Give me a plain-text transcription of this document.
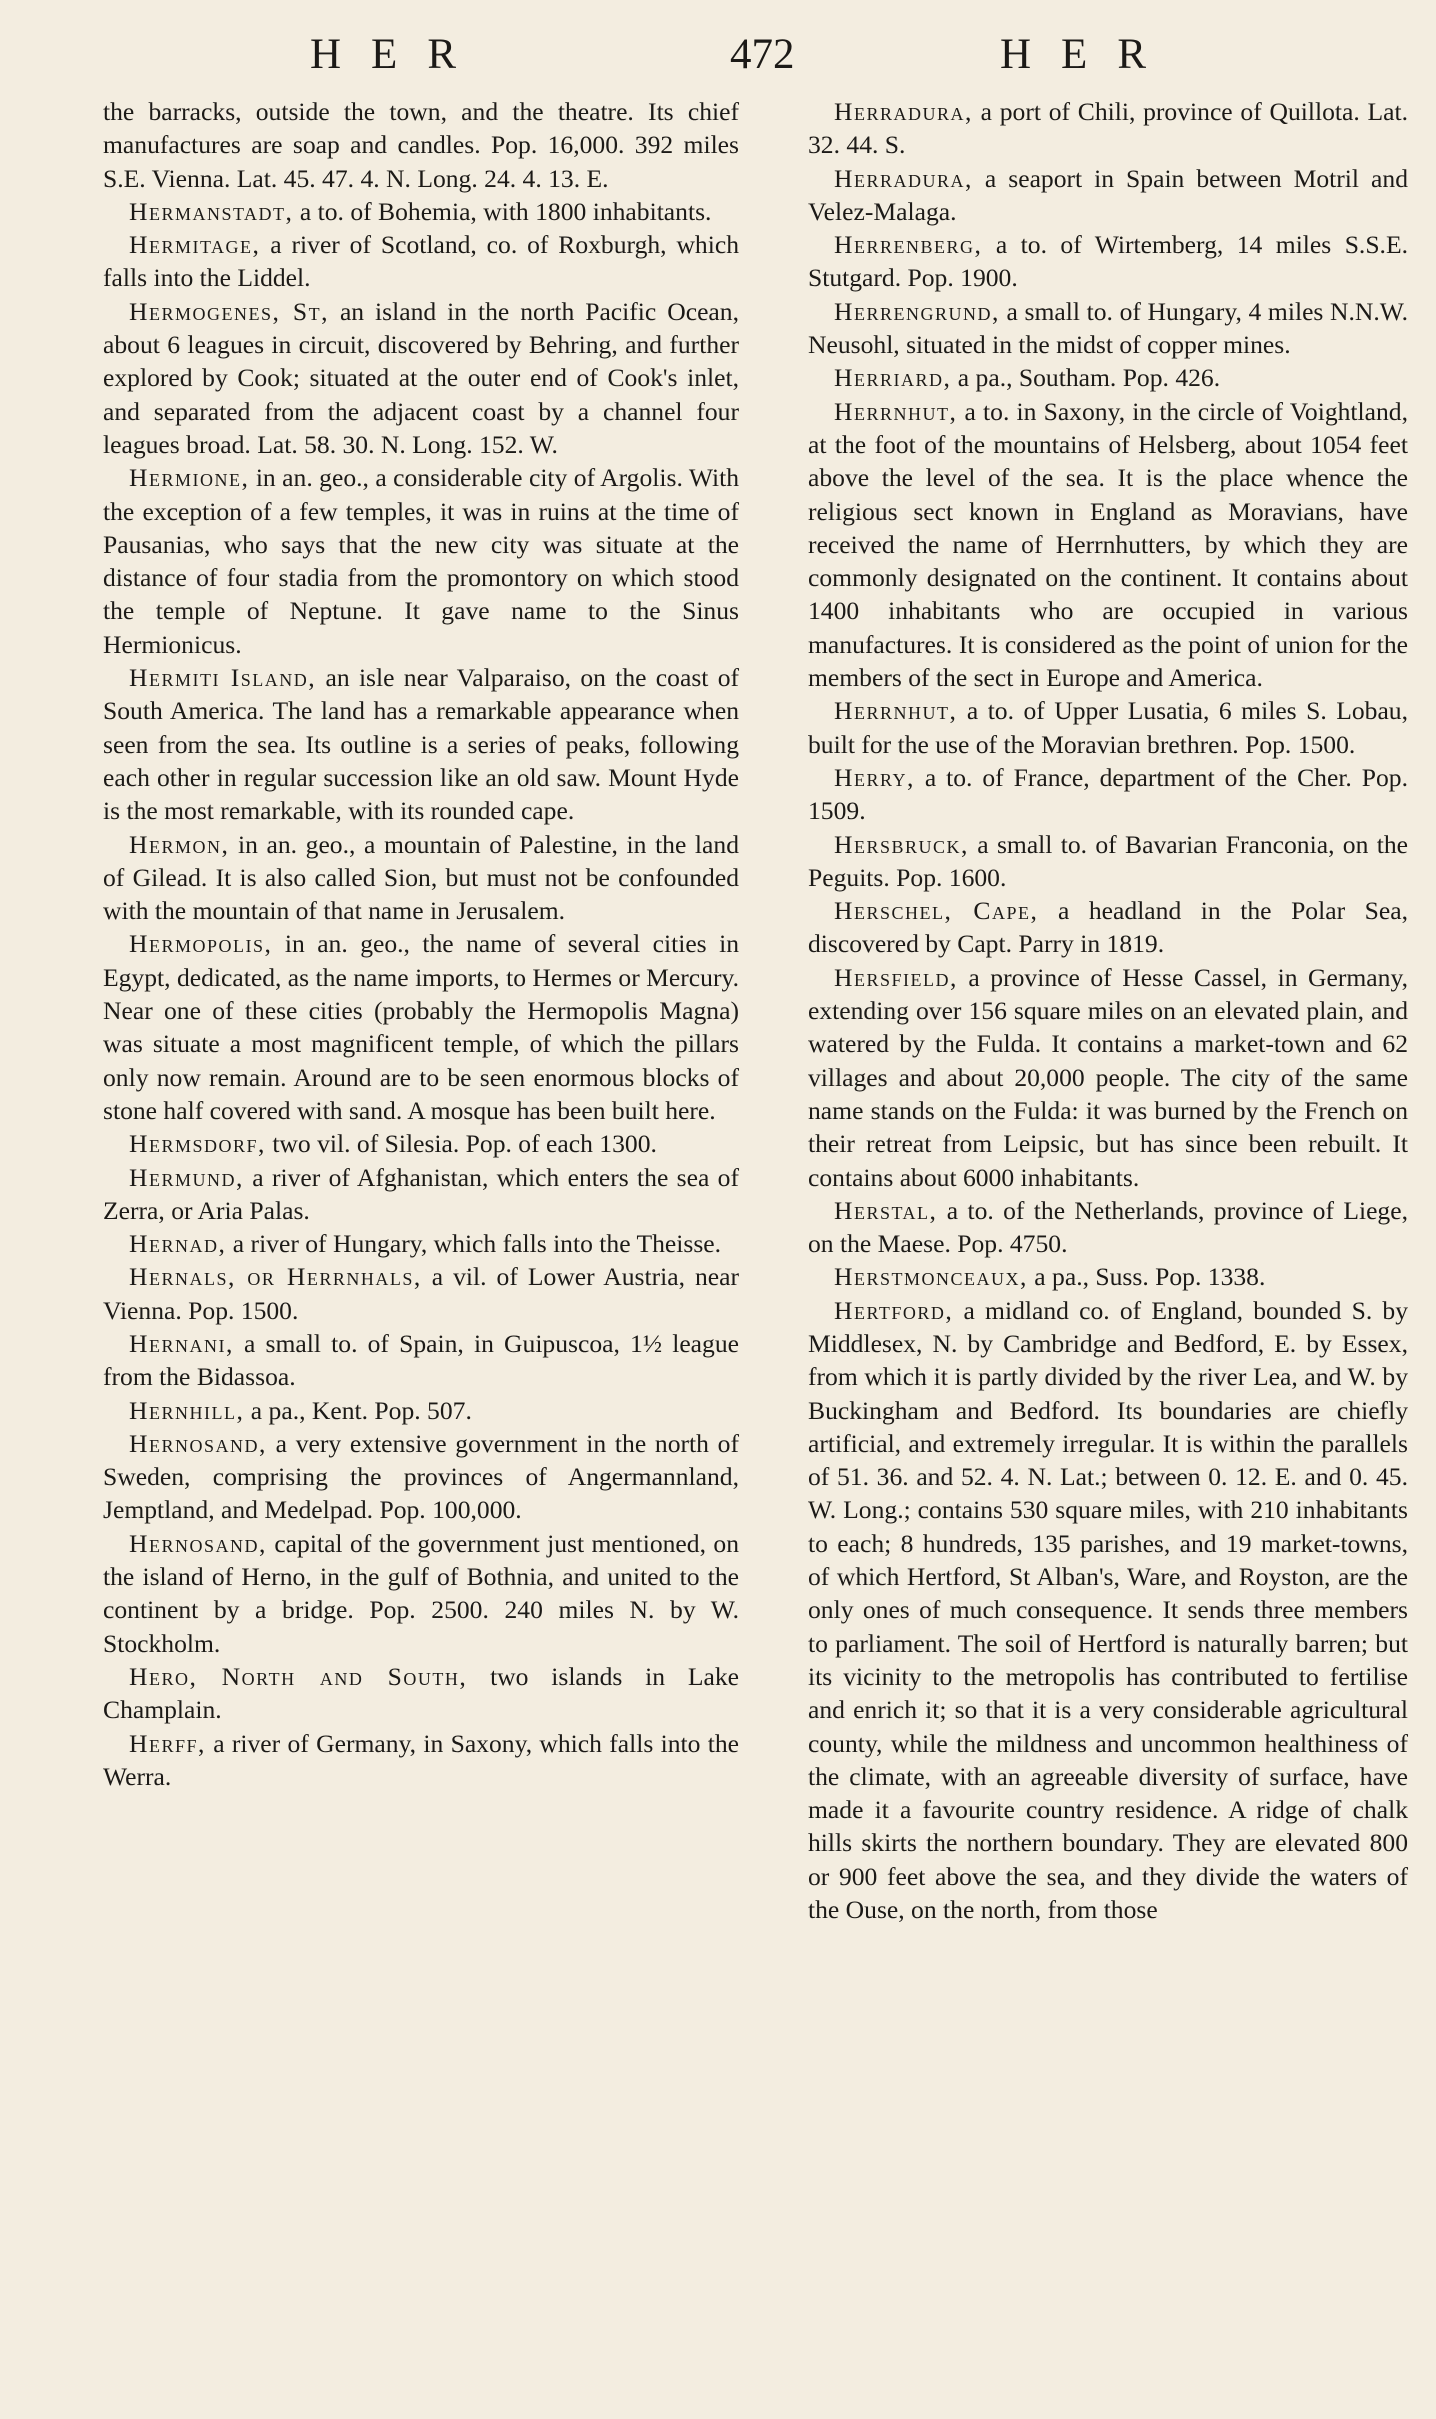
HER	472	HER

the barracks, outside the town, and the theatre. Its chief manufactures are soap and candles. Pop. 16,000. 392 miles S.E. Vienna. Lat. 45. 47. 4. N. Long. 24. 4. 13. E.

Hermanstadt, a to. of Bohemia, with 1800 inhabitants.

Hermitage, a river of Scotland, co. of Roxburgh, which falls into the Liddel.

Hermogenes, St, an island in the north Pacific Ocean, about 6 leagues in circuit, discovered by Behring, and further explored by Cook; situated at the outer end of Cook's inlet, and separated from the adjacent coast by a channel four leagues broad. Lat. 58. 30. N. Long. 152. W.

Hermione, in an. geo., a considerable city of Argolis. With the exception of a few temples, it was in ruins at the time of Pausanias, who says that the new city was situate at the distance of four stadia from the promontory on which stood the temple of Neptune. It gave name to the Sinus Hermionicus.

Hermiti Island, an isle near Valparaiso, on the coast of South America. The land has a remarkable appearance when seen from the sea. Its outline is a series of peaks, following each other in regular succession like an old saw. Mount Hyde is the most remarkable, with its rounded cape.

Hermon, in an. geo., a mountain of Palestine, in the land of Gilead. It is also called Sion, but must not be confounded with the mountain of that name in Jerusalem.

Hermopolis, in an. geo., the name of several cities in Egypt, dedicated, as the name imports, to Hermes or Mercury. Near one of these cities (probably the Hermopolis Magna) was situate a most magnificent temple, of which the pillars only now remain. Around are to be seen enormous blocks of stone half covered with sand. A mosque has been built here.

Hermsdorf, two vil. of Silesia. Pop. of each 1300.

Hermund, a river of Afghanistan, which enters the sea of Zerra, or Aria Palas.

Hernad, a river of Hungary, which falls into the Theisse.

Hernals, or Herrnhals, a vil. of Lower Austria, near Vienna. Pop. 1500.

Hernani, a small to. of Spain, in Guipuscoa, 1½ league from the Bidassoa.

Hernhill, a pa., Kent. Pop. 507.

Hernosand, a very extensive government in the north of Sweden, comprising the provinces of Angermannland, Jemptland, and Medelpad. Pop. 100,000.

Hernosand, capital of the government just mentioned, on the island of Herno, in the gulf of Bothnia, and united to the continent by a bridge. Pop. 2500. 240 miles N. by W. Stockholm.

Hero, North and South, two islands in Lake Champlain.

Herff, a river of Germany, in Saxony, which falls into the Werra.

Herradura, a port of Chili, province of Quillota. Lat. 32. 44. S.

Herradura, a seaport in Spain between Motril and Velez-Malaga.

Herrenberg, a to. of Wirtemberg, 14 miles S.S.E. Stutgard. Pop. 1900.

Herrengrund, a small to. of Hungary, 4 miles N.N.W. Neusohl, situated in the midst of copper mines.

Herriard, a pa., Southam. Pop. 426.

Herrnhut, a to. in Saxony, in the circle of Voightland, at the foot of the mountains of Helsberg, about 1054 feet above the level of the sea. It is the place whence the religious sect known in England as Moravians, have received the name of Herrnhutters, by which they are commonly designated on the continent. It contains about 1400 inhabitants who are occupied in various manufactures. It is considered as the point of union for the members of the sect in Europe and America.

Herrnhut, a to. of Upper Lusatia, 6 miles S. Lobau, built for the use of the Moravian brethren. Pop. 1500.

Herry, a to. of France, department of the Cher. Pop. 1509.

Hersbruck, a small to. of Bavarian Franconia, on the Peguits. Pop. 1600.

Herschel, Cape, a headland in the Polar Sea, discovered by Capt. Parry in 1819.

Hersfield, a province of Hesse Cassel, in Germany, extending over 156 square miles on an elevated plain, and watered by the Fulda. It contains a market-town and 62 villages and about 20,000 people. The city of the same name stands on the Fulda: it was burned by the French on their retreat from Leipsic, but has since been rebuilt. It contains about 6000 inhabitants.

Herstal, a to. of the Netherlands, province of Liege, on the Maese. Pop. 4750.

Herstmonceaux, a pa., Suss. Pop. 1338.

Hertford, a midland co. of England, bounded S. by Middlesex, N. by Cambridge and Bedford, E. by Essex, from which it is partly divided by the river Lea, and W. by Buckingham and Bedford. Its boundaries are chiefly artificial, and extremely irregular. It is within the parallels of 51. 36. and 52. 4. N. Lat.; between 0. 12. E. and 0. 45. W. Long.; contains 530 square miles, with 210 inhabitants to each; 8 hundreds, 135 parishes, and 19 market-towns, of which Hertford, St Alban's, Ware, and Royston, are the only ones of much consequence. It sends three members to parliament. The soil of Hertford is naturally barren; but its vicinity to the metropolis has contributed to fertilise and enrich it; so that it is a very considerable agricultural county, while the mildness and uncommon healthiness of the climate, with an agreeable diversity of surface, have made it a favourite country residence. A ridge of chalk hills skirts the northern boundary. They are elevated 800 or 900 feet above the sea, and they divide the waters of the Ouse, on the north, from those
